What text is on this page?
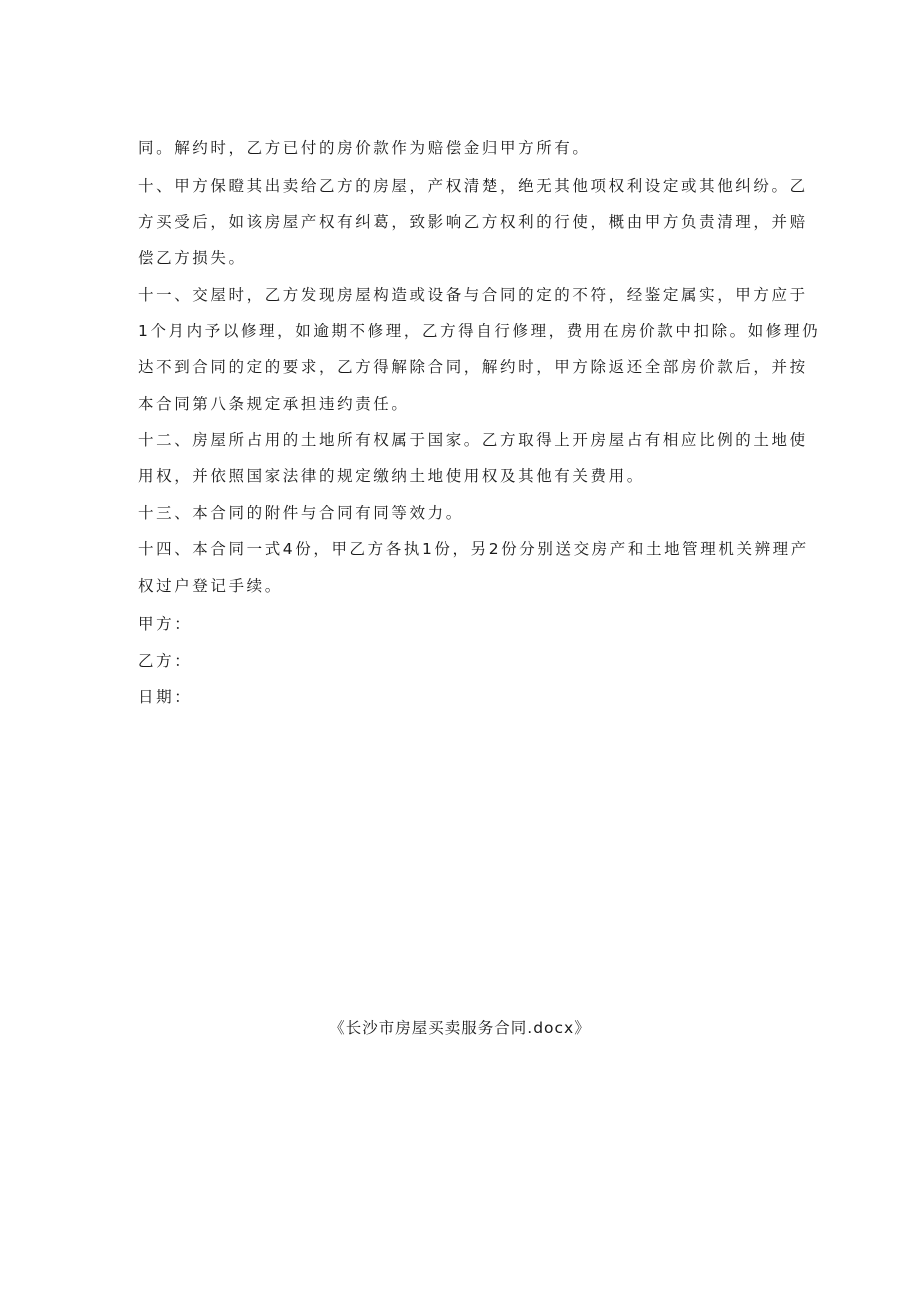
同。解约时，乙方已付的房价款作为赔偿金归甲方所有。
十、甲方保瞪其出卖给乙方的房屋，产权清楚，绝无其他项权利设定或其他纠纷。乙
方买受后，如该房屋产权有纠葛，致影响乙方权利的行使，概由甲方负责清理，并赔
偿乙方损失。
十一、交屋时，乙方发现房屋构造或设备与合同的定的不符，经鉴定属实，甲方应于
1个月内予以修理，如逾期不修理，乙方得自行修理，费用在房价款中扣除。如修理仍
达不到合同的定的要求，乙方得解除合同，解约时，甲方除返还全部房价款后，并按
本合同第八条规定承担违约责任。
十二、房屋所占用的土地所有权属于国家。乙方取得上开房屋占有相应比例的土地使
用权，并依照国家法律的规定缴纳土地使用权及其他有关费用。
十三、本合同的附件与合同有同等效力。
十四、本合同一式4份，甲乙方各执1份，另2份分别送交房产和土地管理机关辨理产
权过户登记手续。
甲方：
乙方：
日期：
《长沙市房屋买卖服务合同.docx》
